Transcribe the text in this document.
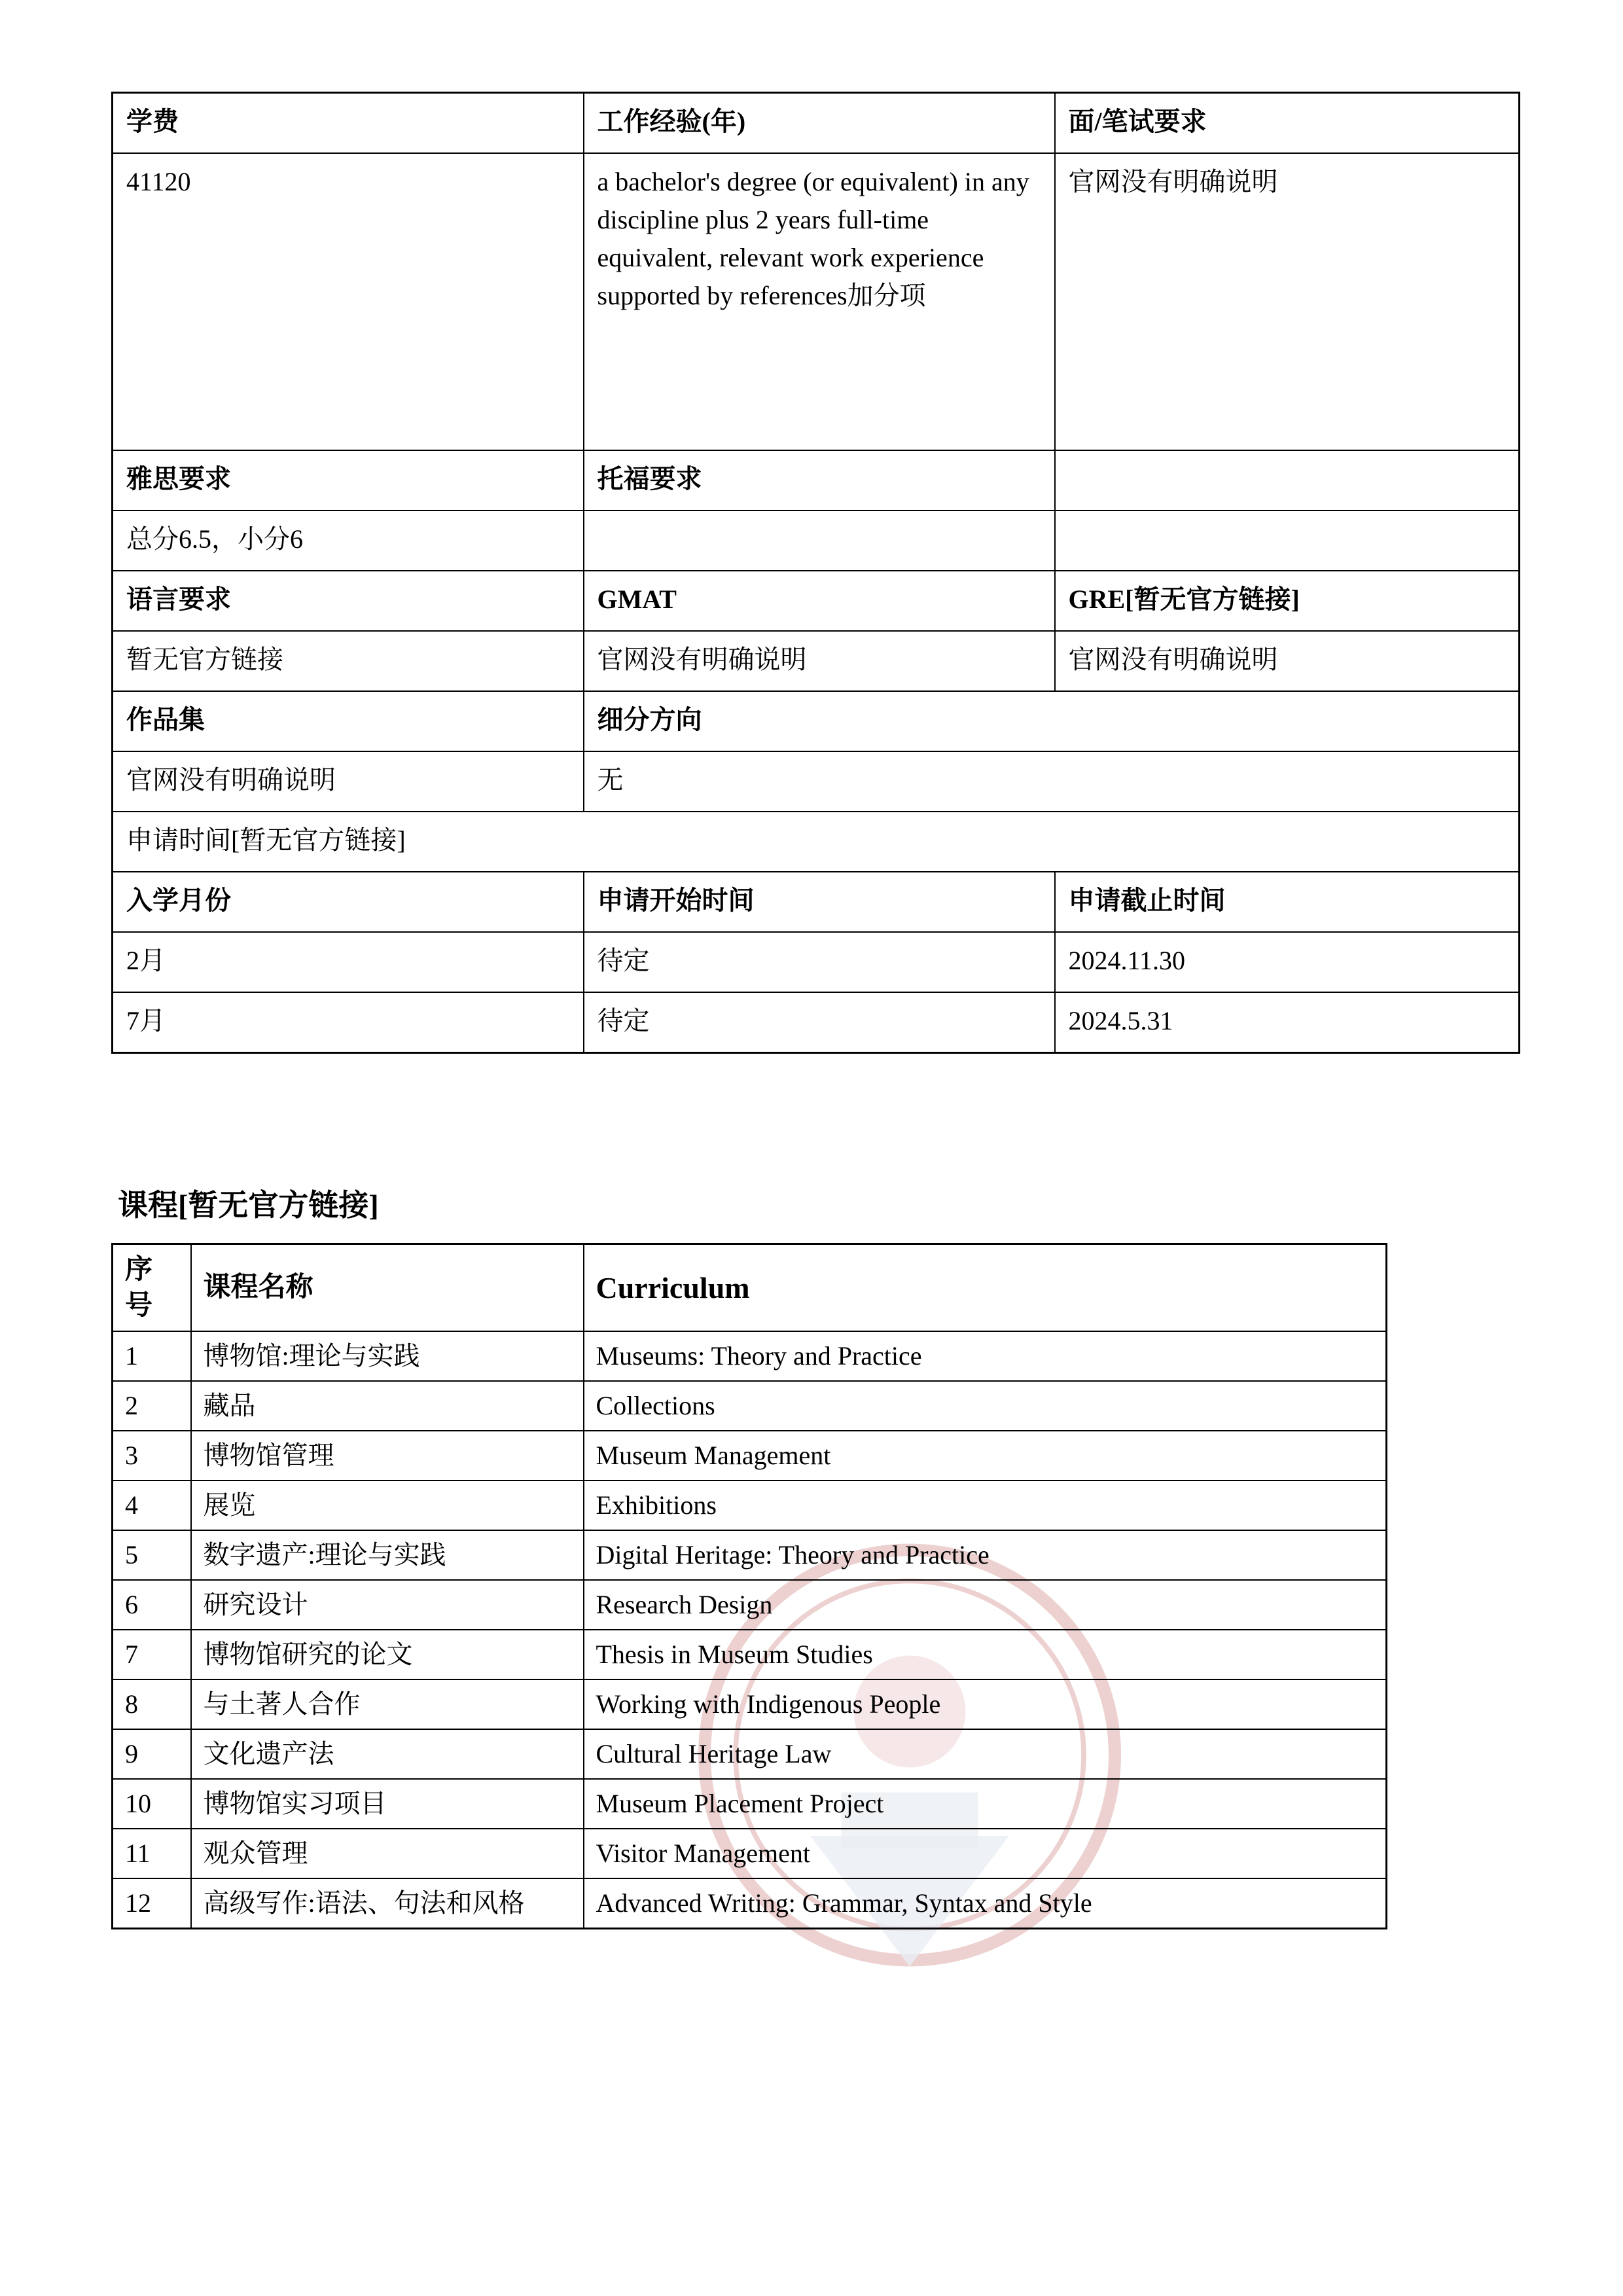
学费	工作经验(年)	面/笔试要求
41120	a bachelor's degree (or equivalent) in any discipline plus 2 years full-time equivalent, relevant work experience supported by references加分项	官网没有明确说明
雅思要求	托福要求	
总分6.5，小分6		
语言要求	GMAT	GRE[暂无官方链接]
暂无官方链接	官网没有明确说明	官网没有明确说明
作品集	细分方向	
官网没有明确说明	无	
申请时间[暂无官方链接]		
入学月份	申请开始时间	申请截止时间
2月	待定	2024.11.30
7月	待定	2024.5.31
课程[暂无官方链接]
序号	课程名称	Curriculum
1	博物馆:理论与实践	Museums: Theory and Practice
2	藏品	Collections
3	博物馆管理	Museum Management
4	展览	Exhibitions
5	数字遗产:理论与实践	Digital Heritage: Theory and Practice
6	研究设计	Research Design
7	博物馆研究的论文	Thesis in Museum Studies
8	与土著人合作	Working with Indigenous People
9	文化遗产法	Cultural Heritage Law
10	博物馆实习项目	Museum Placement Project
11	观众管理	Visitor Management
12	高级写作:语法、句法和风格	Advanced Writing: Grammar, Syntax and Style
